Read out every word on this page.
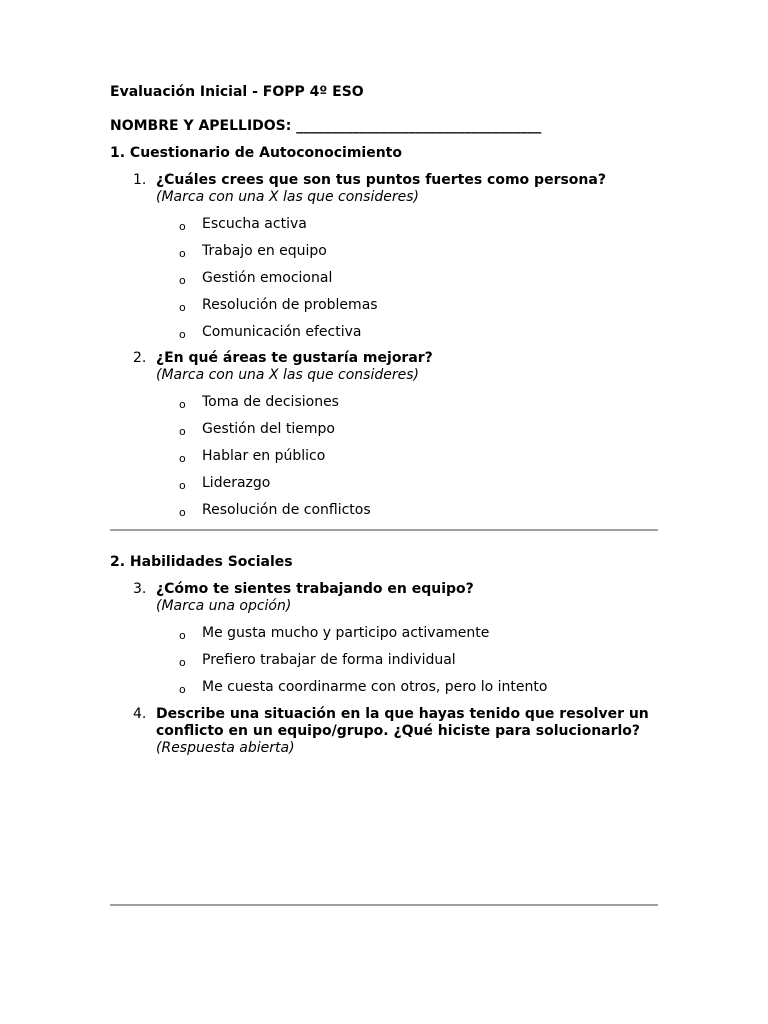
Evaluación Inicial - FOPP 4º ESO
NOMBRE Y APELLIDOS: ___________________________________
1. Cuestionario de Autoconocimiento
1. ¿Cuáles crees que son tus puntos fuertes como persona?
(Marca con una X las que consideres)
o Escucha activa
o Trabajo en equipo
o Gestión emocional
o Resolución de problemas
o Comunicación efectiva
2. ¿En qué áreas te gustaría mejorar?
(Marca con una X las que consideres)
o Toma de decisiones
o Gestión del tiempo
o Hablar en público
o Liderazgo
o Resolución de conflictos
2. Habilidades Sociales
3. ¿Cómo te sientes trabajando en equipo?
(Marca una opción)
o Me gusta mucho y participo activamente
o Prefiero trabajar de forma individual
o Me cuesta coordinarme con otros, pero lo intento
4. Describe una situación en la que hayas tenido que resolver un conflicto en un equipo/grupo. ¿Qué hiciste para solucionarlo?
(Respuesta abierta)
